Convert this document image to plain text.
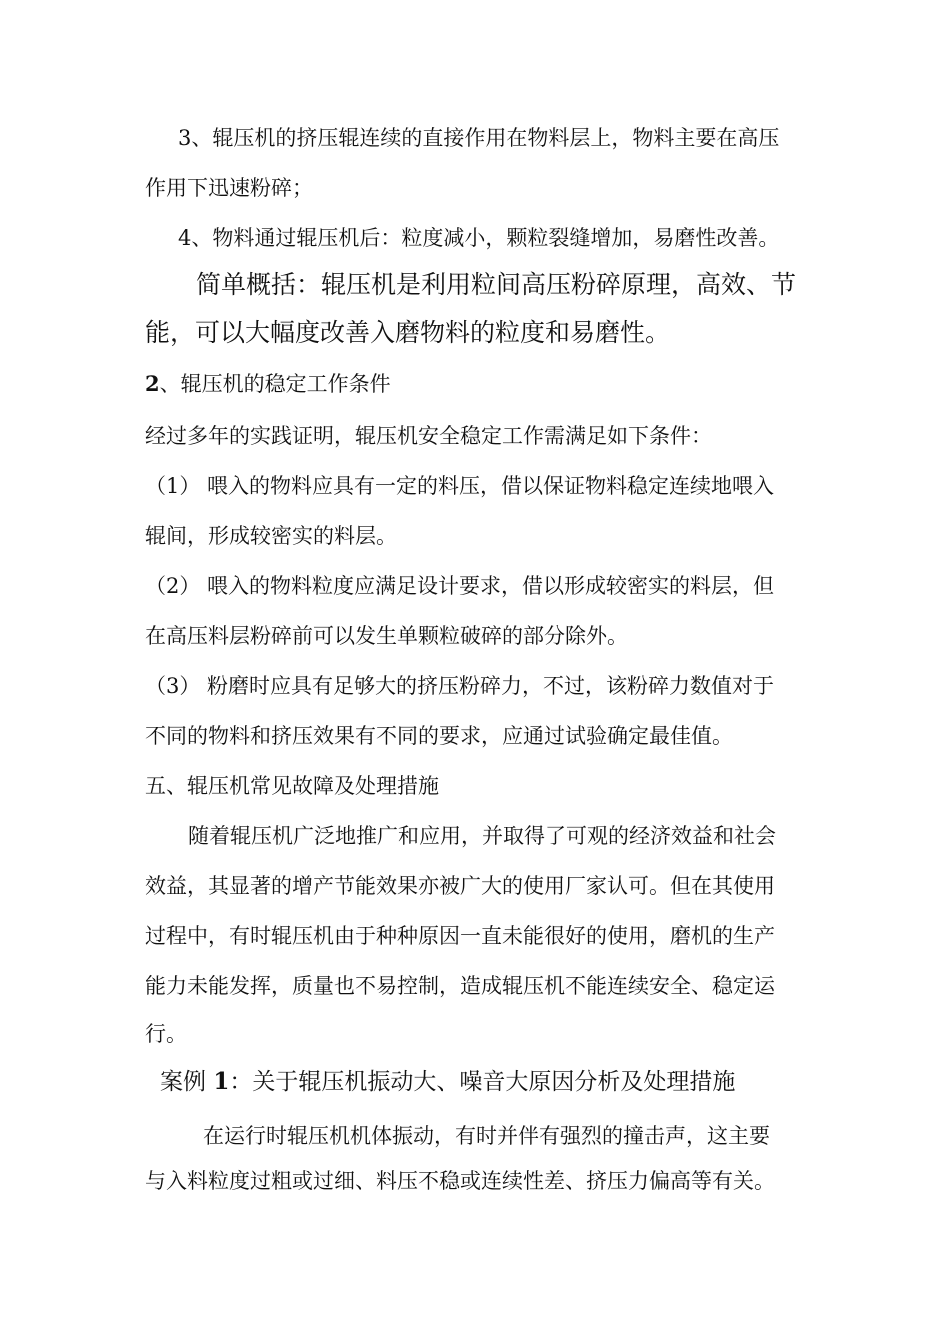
3、辊压机的挤压辊连续的直接作用在物料层上，物料主要在高压
作用下迅速粉碎；
4、物料通过辊压机后：粒度减小，颗粒裂缝增加，易磨性改善。
简单概括：辊压机是利用粒间高压粉碎原理，高效、节
能，可以大幅度改善入磨物料的粒度和易磨性。
2、辊压机的稳定工作条件
经过多年的实践证明，辊压机安全稳定工作需满足如下条件：
（1） 喂入的物料应具有一定的料压，借以保证物料稳定连续地喂入
辊间，形成较密实的料层。
（2） 喂入的物料粒度应满足设计要求，借以形成较密实的料层，但
在高压料层粉碎前可以发生单颗粒破碎的部分除外。
（3） 粉磨时应具有足够大的挤压粉碎力，不过，该粉碎力数值对于
不同的物料和挤压效果有不同的要求，应通过试验确定最佳值。
五、辊压机常见故障及处理措施
随着辊压机广泛地推广和应用，并取得了可观的经济效益和社会
效益，其显著的增产节能效果亦被广大的使用厂家认可。但在其使用
过程中，有时辊压机由于种种原因一直未能很好的使用，磨机的生产
能力未能发挥，质量也不易控制，造成辊压机不能连续安全、稳定运
行。
案例 1：关于辊压机振动大、噪音大原因分析及处理措施
在运行时辊压机机体振动，有时并伴有强烈的撞击声，这主要
与入料粒度过粗或过细、料压不稳或连续性差、挤压力偏高等有关。
